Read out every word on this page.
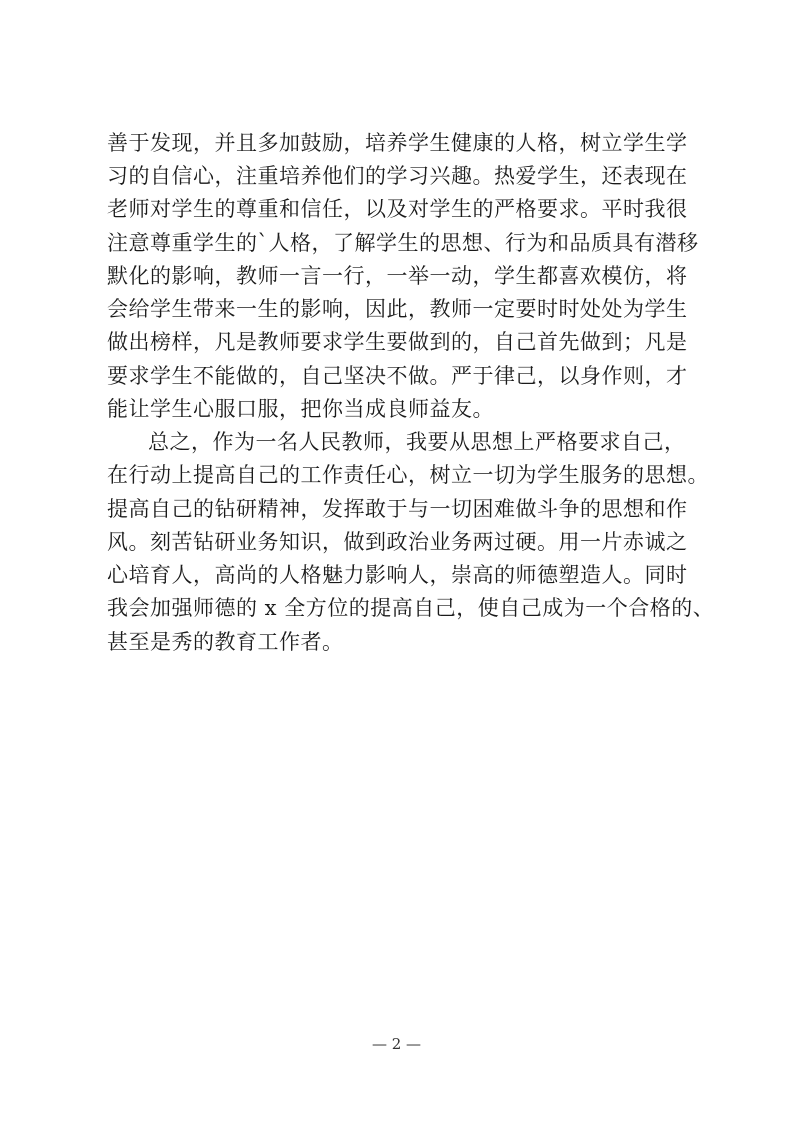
善于发现，并且多加鼓励，培养学生健康的人格，树立学生学
习的自信心，注重培养他们的学习兴趣。热爱学生，还表现在
老师对学生的尊重和信任，以及对学生的严格要求。平时我很
注意尊重学生的`人格，了解学生的思想、行为和品质具有潜移
默化的影响，教师一言一行，一举一动，学生都喜欢模仿，将
会给学生带来一生的影响，因此，教师一定要时时处处为学生
做出榜样，凡是教师要求学生要做到的，自己首先做到；凡是
要求学生不能做的，自己坚决不做。严于律己，以身作则，才
能让学生心服口服，把你当成良师益友。
总之，作为一名人民教师，我要从思想上严格要求自己，
在行动上提高自己的工作责任心，树立一切为学生服务的思想。
提高自己的钻研精神，发挥敢于与一切困难做斗争的思想和作
风。刻苦钻研业务知识，做到政治业务两过硬。用一片赤诚之
心培育人，高尚的人格魅力影响人，崇高的师德塑造人。同时
我会加强师德的 x 全方位的提高自己，使自己成为一个合格的、
甚至是秀的教育工作者。
— 2 —
